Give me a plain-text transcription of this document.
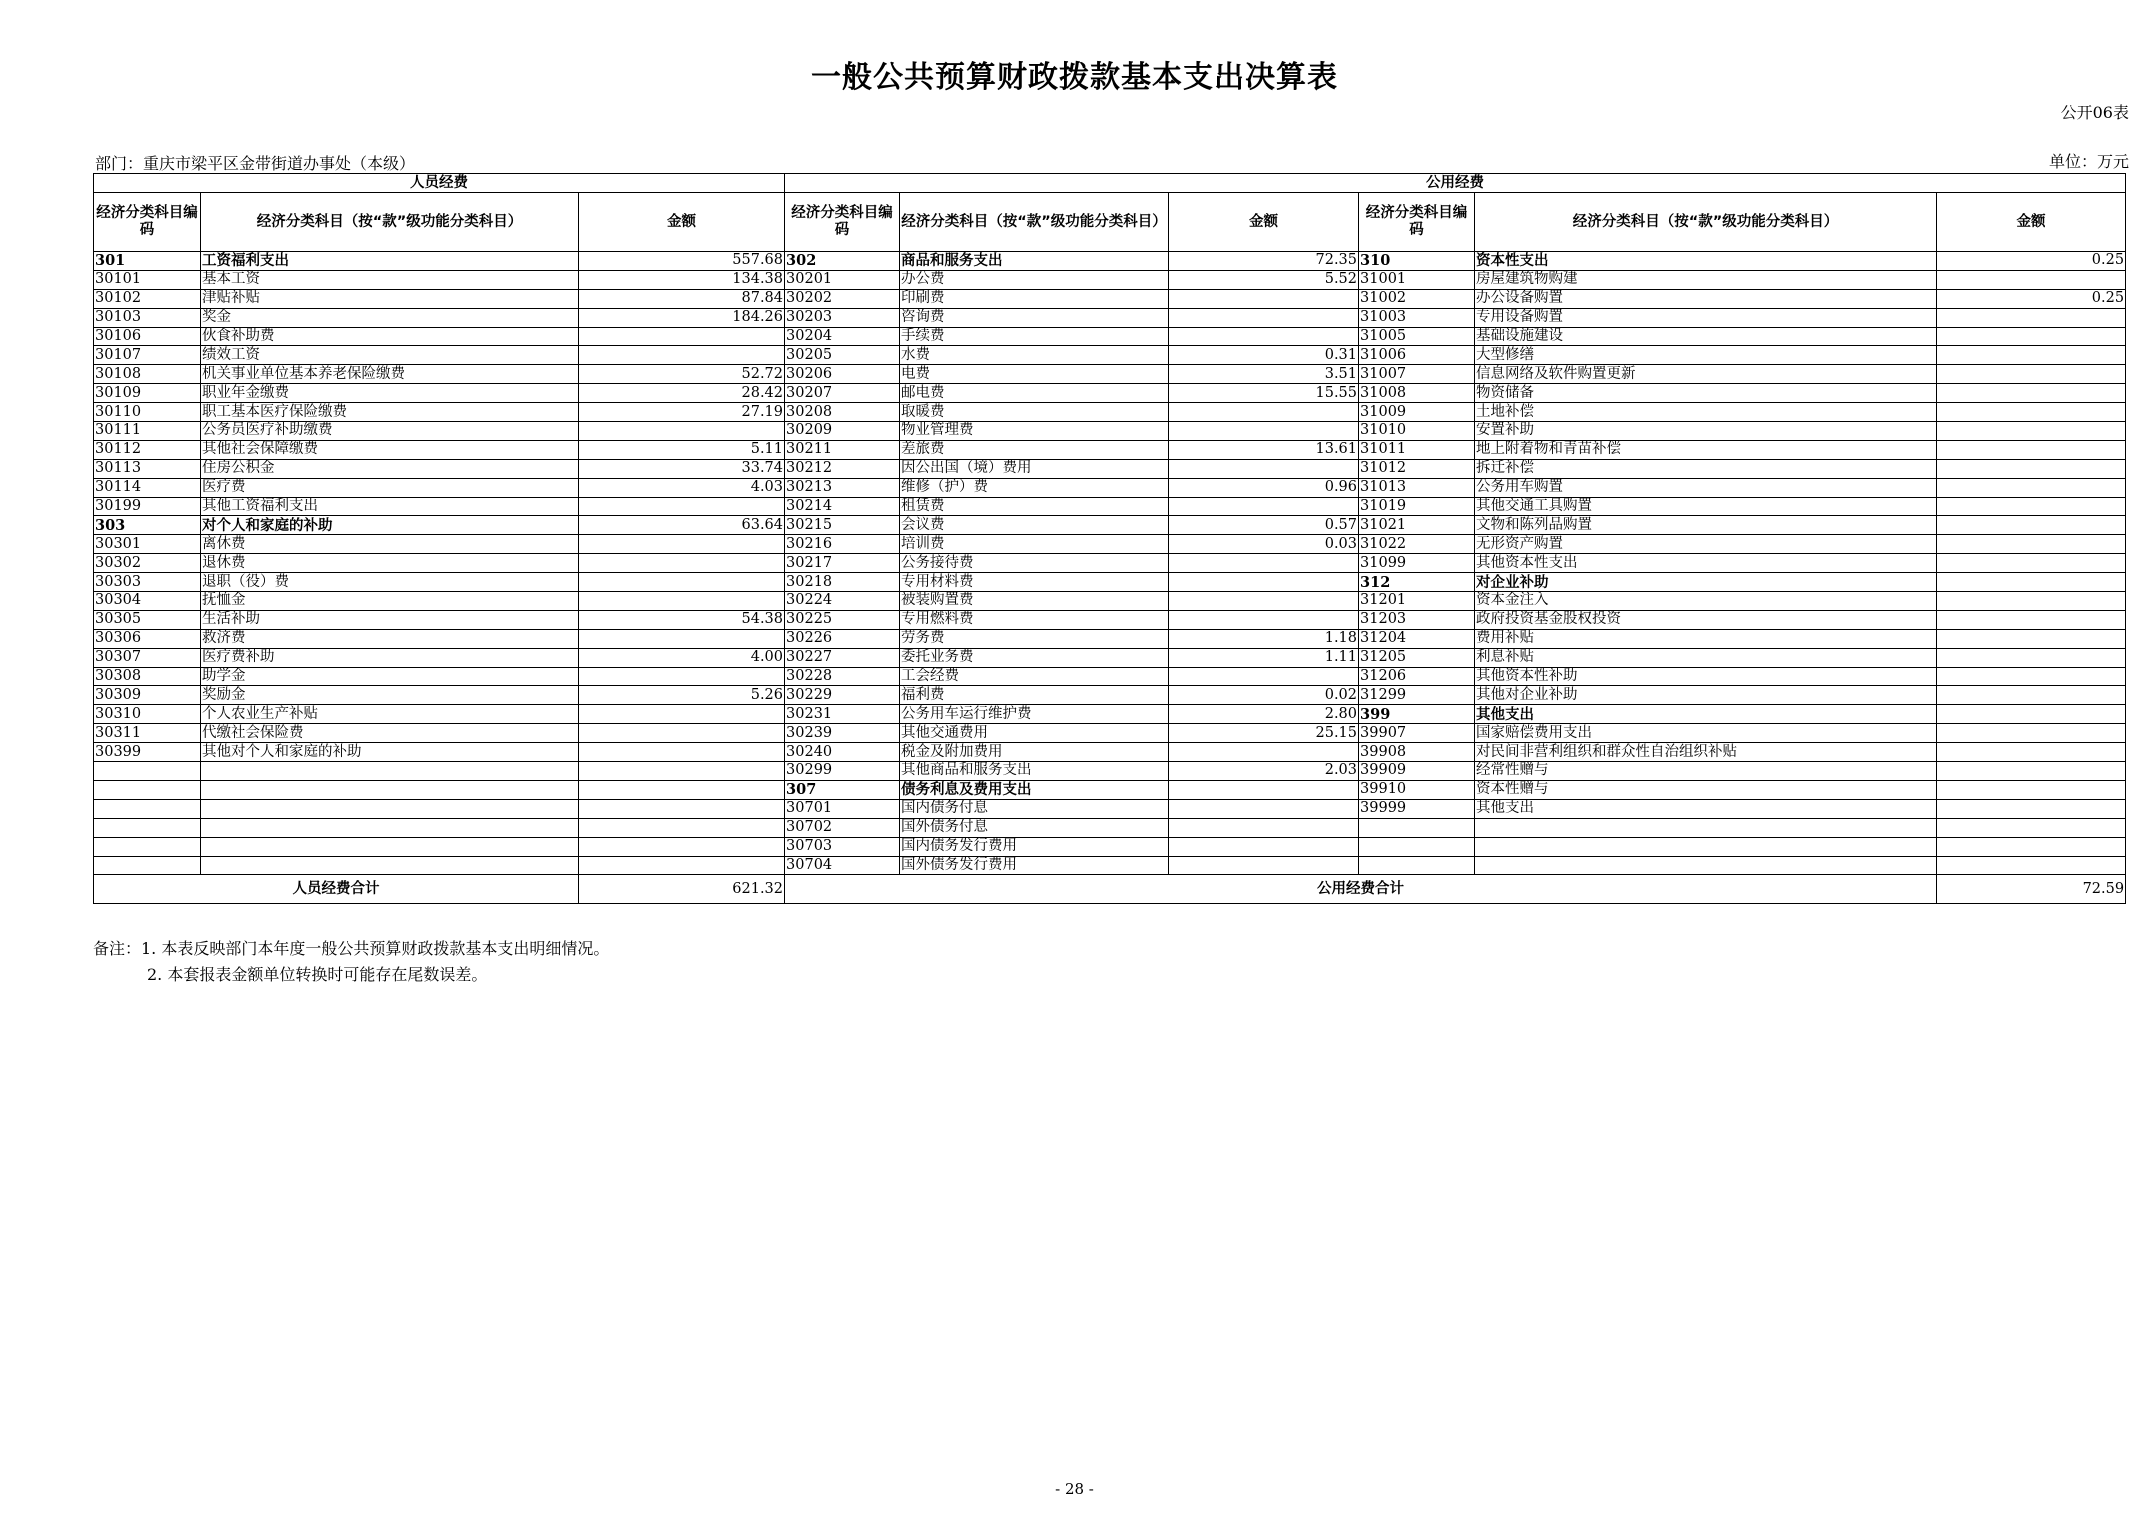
一般公共预算财政拨款基本支出决算表
公开06表
部门：重庆市梁平区金带街道办事处（本级）	单位：万元
人员经费			公用经费					
经济分类科目编码	经济分类科目（按“款”级功能分类科目）	金额	经济分类科目编码	经济分类科目（按“款”级功能分类科目）	金额	经济分类科目编码	经济分类科目（按“款”级功能分类科目）	金额
301	工资福利支出	557.68	302	商品和服务支出	72.35	310	资本性支出	0.25
30101	基本工资	134.38	30201	办公费	5.52	31001	房屋建筑物购建	
30102	津贴补贴	87.84	30202	印刷费		31002	办公设备购置	0.25
30103	奖金	184.26	30203	咨询费		31003	专用设备购置	
30106	伙食补助费		30204	手续费		31005	基础设施建设	
30107	绩效工资		30205	水费	0.31	31006	大型修缮	
30108	机关事业单位基本养老保险缴费	52.72	30206	电费	3.51	31007	信息网络及软件购置更新	
30109	职业年金缴费	28.42	30207	邮电费	15.55	31008	物资储备	
30110	职工基本医疗保险缴费	27.19	30208	取暖费		31009	土地补偿	
30111	公务员医疗补助缴费		30209	物业管理费		31010	安置补助	
30112	其他社会保障缴费	5.11	30211	差旅费	13.61	31011	地上附着物和青苗补偿	
30113	住房公积金	33.74	30212	因公出国（境）费用		31012	拆迁补偿	
30114	医疗费	4.03	30213	维修（护）费	0.96	31013	公务用车购置	
30199	其他工资福利支出		30214	租赁费		31019	其他交通工具购置	
303	对个人和家庭的补助	63.64	30215	会议费	0.57	31021	文物和陈列品购置	
30301	离休费		30216	培训费	0.03	31022	无形资产购置	
30302	退休费		30217	公务接待费		31099	其他资本性支出	
30303	退职（役）费		30218	专用材料费		312	对企业补助	
30304	抚恤金		30224	被装购置费		31201	资本金注入	
30305	生活补助	54.38	30225	专用燃料费		31203	政府投资基金股权投资	
30306	救济费		30226	劳务费	1.18	31204	费用补贴	
30307	医疗费补助	4.00	30227	委托业务费	1.11	31205	利息补贴	
30308	助学金		30228	工会经费		31206	其他资本性补助	
30309	奖励金	5.26	30229	福利费	0.02	31299	其他对企业补助	
30310	个人农业生产补贴		30231	公务用车运行维护费	2.80	399	其他支出	
30311	代缴社会保险费		30239	其他交通费用	25.15	39907	国家赔偿费用支出	
30399	其他对个人和家庭的补助		30240	税金及附加费用		39908	对民间非营利组织和群众性自治组织补贴	
			30299	其他商品和服务支出	2.03	39909	经常性赠与	
			307	债务利息及费用支出		39910	资本性赠与	
			30701	国内债务付息		39999	其他支出	
			30702	国外债务付息				
			30703	国内债务发行费用				
			30704	国外债务发行费用				
人员经费合计		621.32	公用经费合计					72.59
备注：1. 本表反映部门本年度一般公共预算财政拨款基本支出明细情况。
2. 本套报表金额单位转换时可能存在尾数误差。
- 28 -
